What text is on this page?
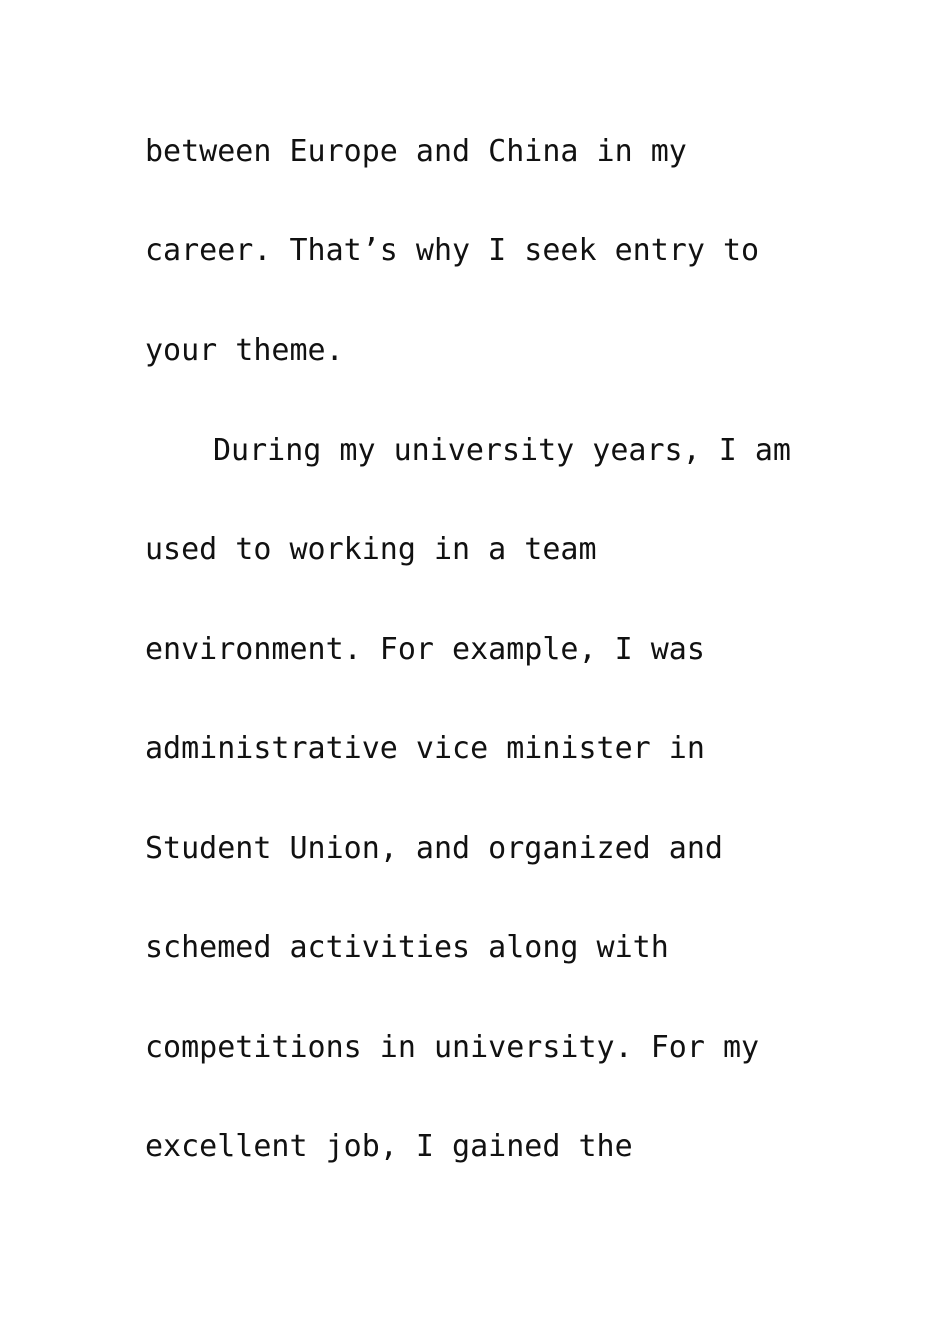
between Europe and China in my

career. That’s why I seek entry to

your theme.

During my university years, I am

used to working in a team

environment. For example, I was

administrative vice minister in

Student Union, and organized and

schemed activities along with

competitions in university. For my

excellent job, I gained the
